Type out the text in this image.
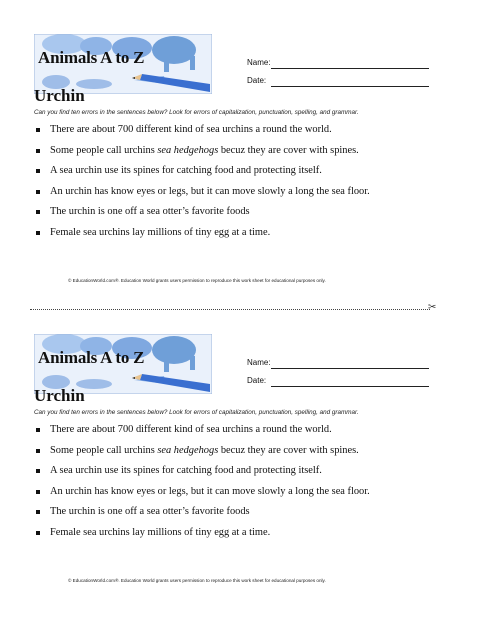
Animals A to Z	Name:
Date:
Urchin
Can you find ten errors in the sentences below? Look for errors of capitalization, punctuation, spelling, and grammar.
There are about 700 different kind of sea urchins a round the world.
Some people call urchins sea hedgehogs becuz they are cover with spines.
A sea urchin use its spines for catching food and protecting itself.
An urchin has know eyes or legs, but it can move slowly a long the sea floor.
The urchin is one off a sea otter’s favorite foods
Female sea urchins lay millions of tiny egg at a time.
© EducationWorld.com®. Education World grants users permission to reproduce this work sheet for educational purposes only.
✂
Animals A to Z	Name:
Date:
Urchin
Can you find ten errors in the sentences below? Look for errors of capitalization, punctuation, spelling, and grammar.
There are about 700 different kind of sea urchins a round the world.
Some people call urchins sea hedgehogs becuz they are cover with spines.
A sea urchin use its spines for catching food and protecting itself.
An urchin has know eyes or legs, but it can move slowly a long the sea floor.
The urchin is one off a sea otter’s favorite foods
Female sea urchins lay millions of tiny egg at a time.
© EducationWorld.com®. Education World grants users permission to reproduce this work sheet for educational purposes only.
